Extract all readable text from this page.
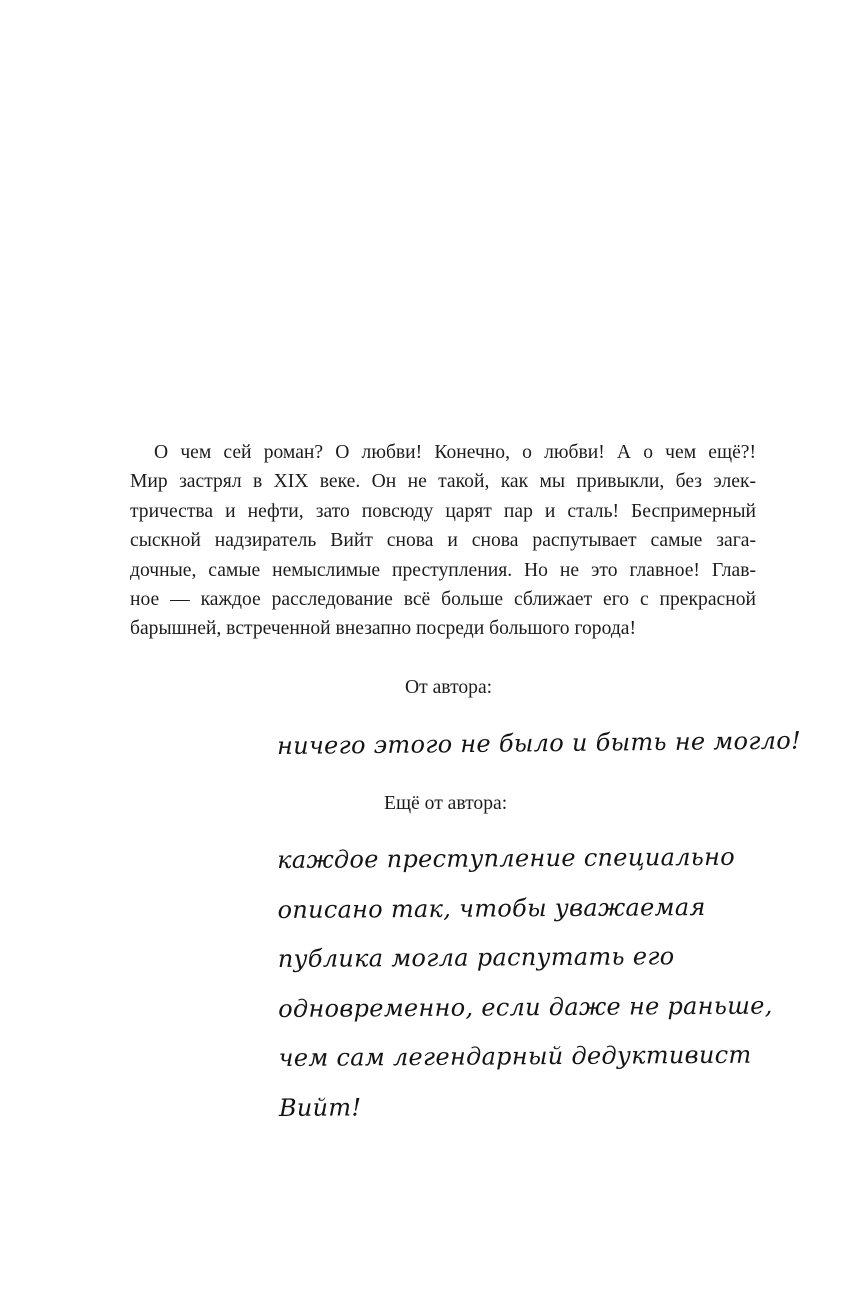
О чем сей роман? О любви! Конечно, о любви! А о чем ещё?!
Мир застрял в XIX веке. Он не такой, как мы привыкли, без элек-
тричества и нефти, зато повсюду царят пар и сталь! Беспримерный
сыскной надзиратель Вийт снова и снова распутывает самые зага-
дочные, самые немыслимые преступления. Но не это главное! Глав-
ное — каждое расследование всё больше сближает его с прекрасной
барышней, встреченной внезапно посреди большого города!
От автора:
ничего этого не было и быть не могло!
Ещё от автора:
каждое преступление специально
описано так, чтобы уважаемая
публика могла распутать его
одновременно, если даже не раньше,
чем сам легендарный дедуктивист
Вийт!
